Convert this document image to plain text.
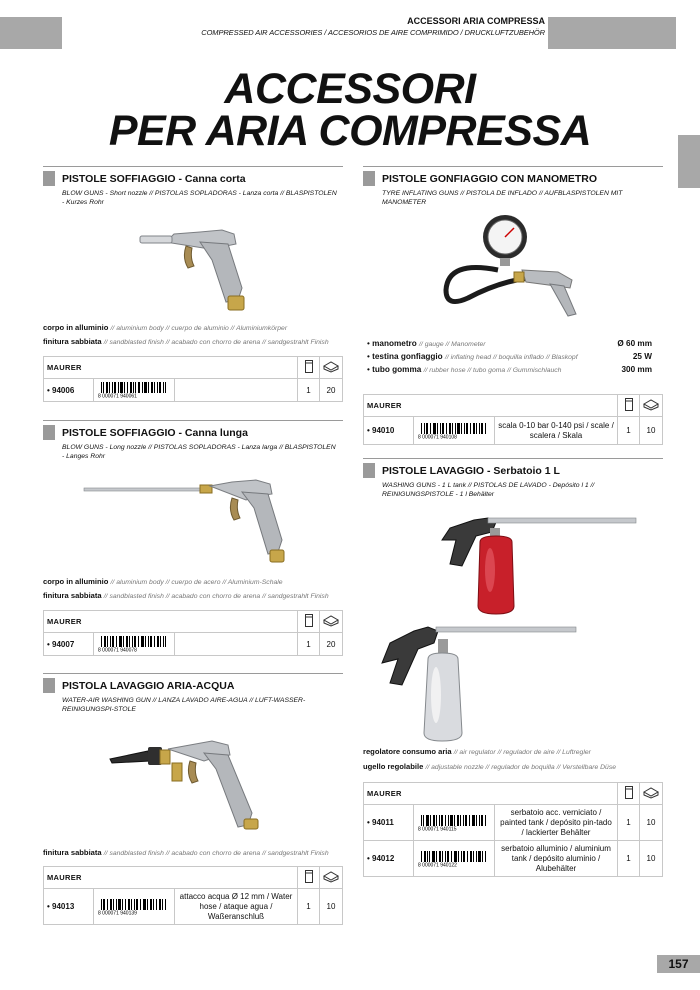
ACCESSORI ARIA COMPRESSA
COMPRESSED AIR ACCESSORIES / ACCESORIOS DE AIRE COMPRIMIDO / DRUCKLUFTZUBEHÖR
ACCESSORI
PER ARIA COMPRESSA
PISTOLE SOFFIAGGIO - Canna corta
BLOW GUNS - Short nozzle // PISTOLAS SOPLADORAS - Lanza corta // BLASPISTOLEN - Kurzes Rohr
corpo in alluminio // aluminium body // cuerpo de aluminio // Aluminiumkörper
finitura sabbiata // sandblasted finish // acabado con chorro de arena // sandgestrahlt Finish
MAURER		
• 94006	8 000071 940061		1	20
PISTOLE SOFFIAGGIO - Canna lunga
BLOW GUNS - Long nozzle // PISTOLAS SOPLADORAS - Lanza larga // BLASPISTOLEN - Langes Rohr
corpo in alluminio // aluminium body // cuerpo de acero // Aluminium-Schale
finitura sabbiata // sandblasted finish // acabado con chorro de arena // sandgestrahlt Finish
MAURER		
• 94007	8 000071 940078		1	20
PISTOLA LAVAGGIO ARIA-ACQUA
WATER-AIR WASHING GUN // LANZA LAVADO AIRE-AGUA // LUFT-WASSER-REINIGUNGSPI-STOLE
finitura sabbiata // sandblasted finish // acabado con chorro de arena // sandgestrahlt Finish
MAURER		
• 94013	8 000071 940139	attacco acqua Ø 12 mm / Water hose / ataque agua / Waßeranschluß	1	10
PISTOLE GONFIAGGIO CON MANOMETRO
TYRE INFLATING GUNS // PISTOLA DE INFLADO // AUFBLASPISTOLEN MIT MANOMETER
• manometro // gauge // Manometer	Ø 60 mm
• testina gonfiaggio // inflating head // boquilla inflado // Blaskopf	25 W
• tubo gomma // rubber hose // tubo goma // Gummischlauch	300 mm
MAURER		
• 94010	8 000071 940108	scala 0-10 bar 0-140 psi / scale / scalera / Skala	1	10
PISTOLE LAVAGGIO - Serbatoio 1 L
WASHING GUNS - 1 L tank // PISTOLAS DE LAVADO - Depósito l 1 // REINIGUNGSPISTOLE - 1 l Behälter
regolatore consumo aria // air regulator // regulador de aire // Luftregler
ugello regolabile // adjustable nozzle // regulador de boquilla // Verstellbare Düse
MAURER		
• 94011	8 000071 940115	serbatoio acc. verniciato / painted tank / depósito pin-tado / lackierter Behälter	1	10
• 94012	8 000071 940122	serbatoio alluminio / aluminium tank / depósito aluminio / Alubehälter	1	10
157
